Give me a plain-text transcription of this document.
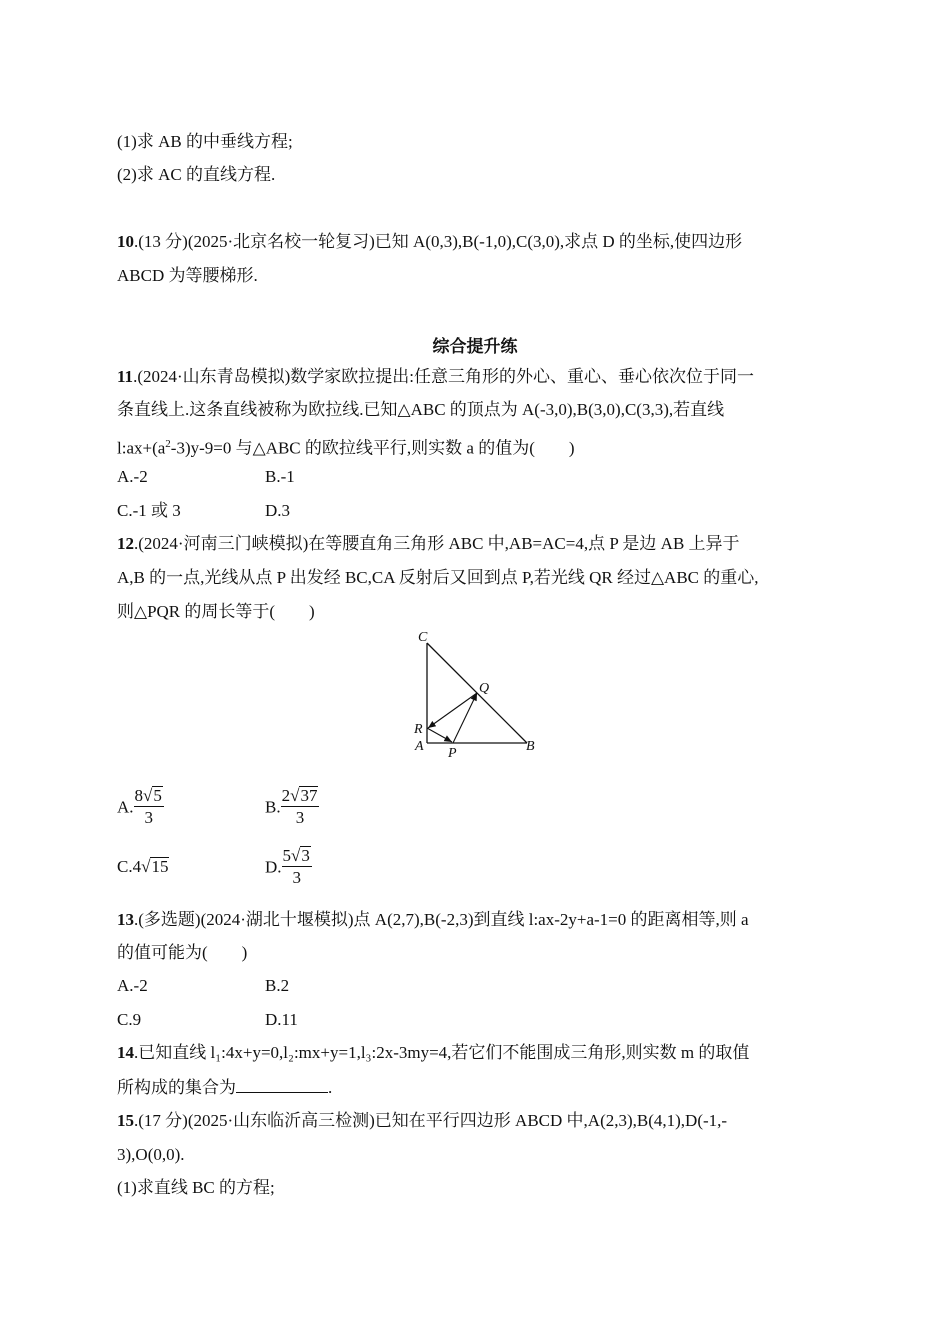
(1)求 AB 的中垂线方程;
(2)求 AC 的直线方程.
10.(13 分)(2025·北京名校一轮复习)已知 A(0,3),B(-1,0),C(3,0),求点 D 的坐标,使四边形
ABCD 为等腰梯形.
综合提升练
11.(2024·山东青岛模拟)数学家欧拉提出:任意三角形的外心、重心、垂心依次位于同一
条直线上.这条直线被称为欧拉线.已知△ABC 的顶点为 A(-3,0),B(3,0),C(3,3),若直线
$l:ax+(a^2-3)y-9=0$ 与△ABC 的欧拉线平行,则实数 a 的值为(　　)
A.-2	B.-1
C.-1 或 3	D.3
12.(2024·河南三门峡模拟)在等腰直角三角形 ABC 中,AB=AC=4,点 P 是边 AB 上异于
A,B 的一点,光线从点 P 出发经 BC,CA 反射后又回到点 P,若光线 QR 经过△ABC 的重心,
则△PQR 的周长等于(　　)
C
Q
R
A P	B
A. $\frac{8√5}{3}$	B. $\frac{2√37}{3}$
C.4√15	D. $\frac{5√3}{3}$
13.(多选题)(2024·湖北十堰模拟)点 A(2,7),B(-2,3)到直线 l:ax-2y+a-1=0 的距离相等,则 a
的值可能为(　　)
A.-2	B.2
C.9	D.11
14.已知直线 l₁:4x+y=0,l₂:mx+y=1,l₃:2x-3my=4,若它们不能围成三角形,则实数 m 的取值
所构成的集合为	.
15.(17 分)(2025·山东临沂高三检测)已知在平行四边形 ABCD 中,A(2,3),B(4,1),D(-1,-
3),O(0,0).
(1)求直线 BC 的方程;
